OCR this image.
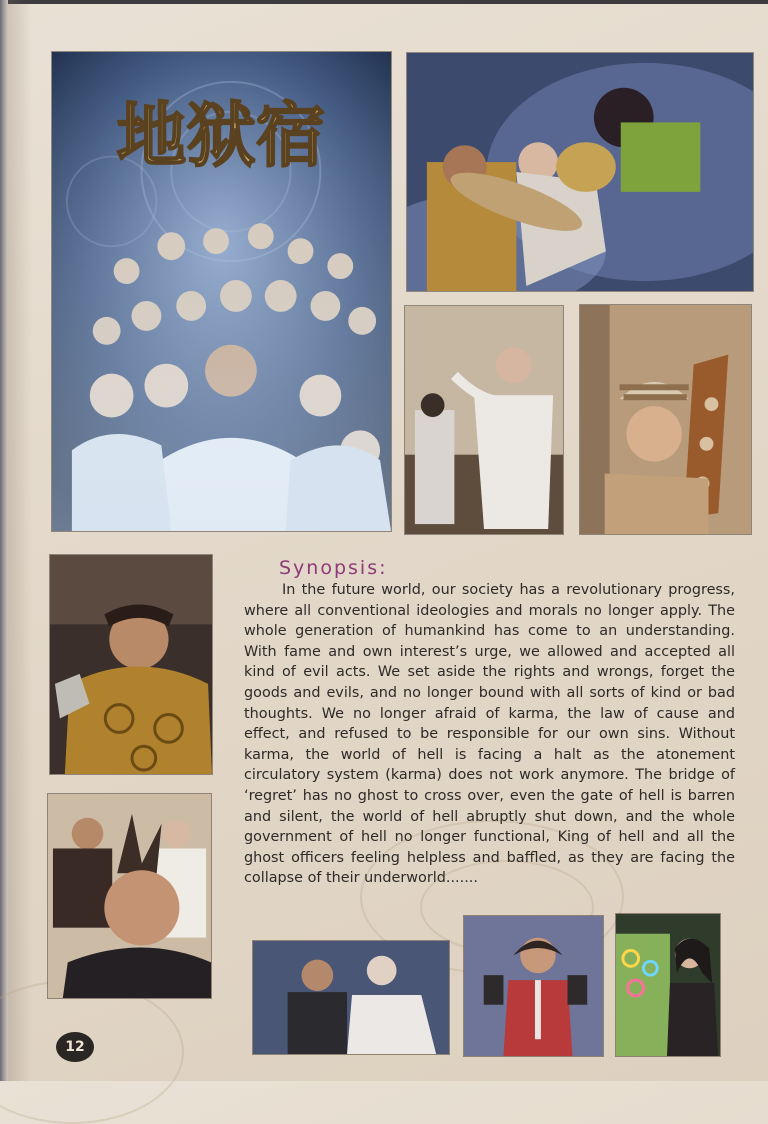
地狱宿
Synopsis:
In the future world, our society has a revolutionary progress, where all conventional ideologies and morals no longer apply. The whole generation of humankind has come to an understanding. With fame and own interest’s urge, we allowed and accepted all kind of evil acts. We set aside the rights and wrongs, forget the goods and evils, and no longer bound with all sorts of kind or bad thoughts. We no longer afraid of karma, the law of cause and effect, and refused to be responsible for our own sins. Without karma, the world of hell is facing a halt as the atonement circulatory system (karma) does not work anymore. The bridge of ‘regret’ has no ghost to cross over, even the gate of hell is barren and silent, the world of hell abruptly shut down, and the whole government of hell no longer functional, King of hell and all the ghost officers feeling helpless and baffled, as they are facing the collapse of their underworld.......
12
